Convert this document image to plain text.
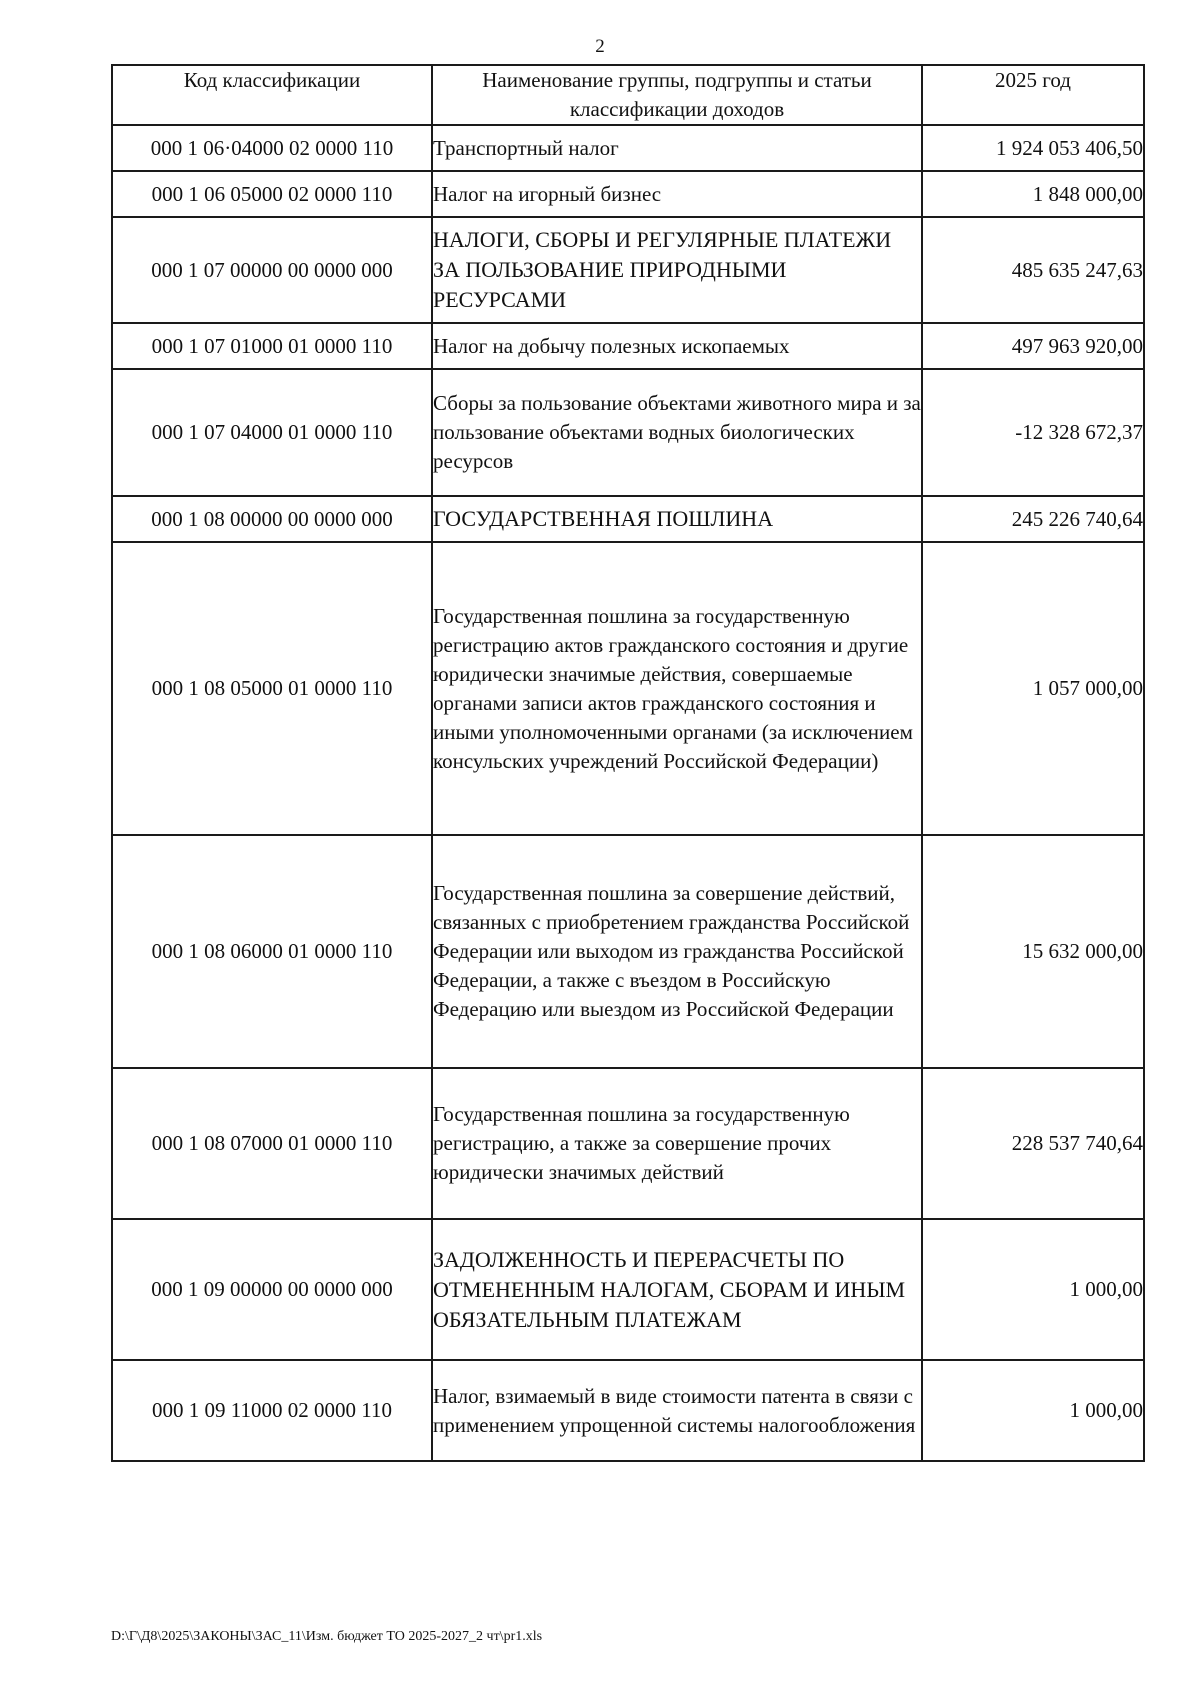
2
Код классификации	Наименование группы, подгруппы и статьи классификации доходов	2025 год
000 1 06·04000 02 0000 110	Транспортный налог	1 924 053 406,50
000 1 06 05000 02 0000 110	Налог на игорный бизнес	1 848 000,00
000 1 07 00000 00 0000 000	НАЛОГИ, СБОРЫ И РЕГУЛЯРНЫЕ ПЛАТЕЖИ ЗА ПОЛЬЗОВАНИЕ ПРИРОДНЫМИ РЕСУРСАМИ	485 635 247,63
000 1 07 01000 01 0000 110	Налог на добычу полезных ископаемых	497 963 920,00
000 1 07 04000 01 0000 110	Сборы за пользование объектами животного мира и за пользование объектами водных биологических ресурсов	-12 328 672,37
000 1 08 00000 00 0000 000	ГОСУДАРСТВЕННАЯ ПОШЛИНА	245 226 740,64
000 1 08 05000 01 0000 110	Государственная пошлина за государственную регистрацию актов гражданского состояния и другие юридически значимые действия, совершаемые органами записи актов гражданского состояния и иными уполномоченными органами (за исключением консульских учреждений Российской Федерации)	1 057 000,00
000 1 08 06000 01 0000 110	Государственная пошлина за совершение действий, связанных с приобретением гражданства Российской Федерации или выходом из гражданства Российской Федерации, а также с въездом в Российскую Федерацию или выездом из Российской Федерации	15 632 000,00
000 1 08 07000 01 0000 110	Государственная пошлина за государственную регистрацию, а также за совершение прочих юридически значимых действий	228 537 740,64
000 1 09 00000 00 0000 000	ЗАДОЛЖЕННОСТЬ И ПЕРЕРАСЧЕТЫ ПО ОТМЕНЕННЫМ НАЛОГАМ, СБОРАМ И ИНЫМ ОБЯЗАТЕЛЬНЫМ ПЛАТЕЖАМ	1 000,00
000 1 09 11000 02 0000 110	Налог, взимаемый в виде стоимости патента в связи с применением упрощенной системы налогообложения	1 000,00
D:\Г\Д8\2025\ЗАКОНЫ\ЗАС_11\Изм. бюджет ТО 2025-2027_2 чт\pr1.xls
